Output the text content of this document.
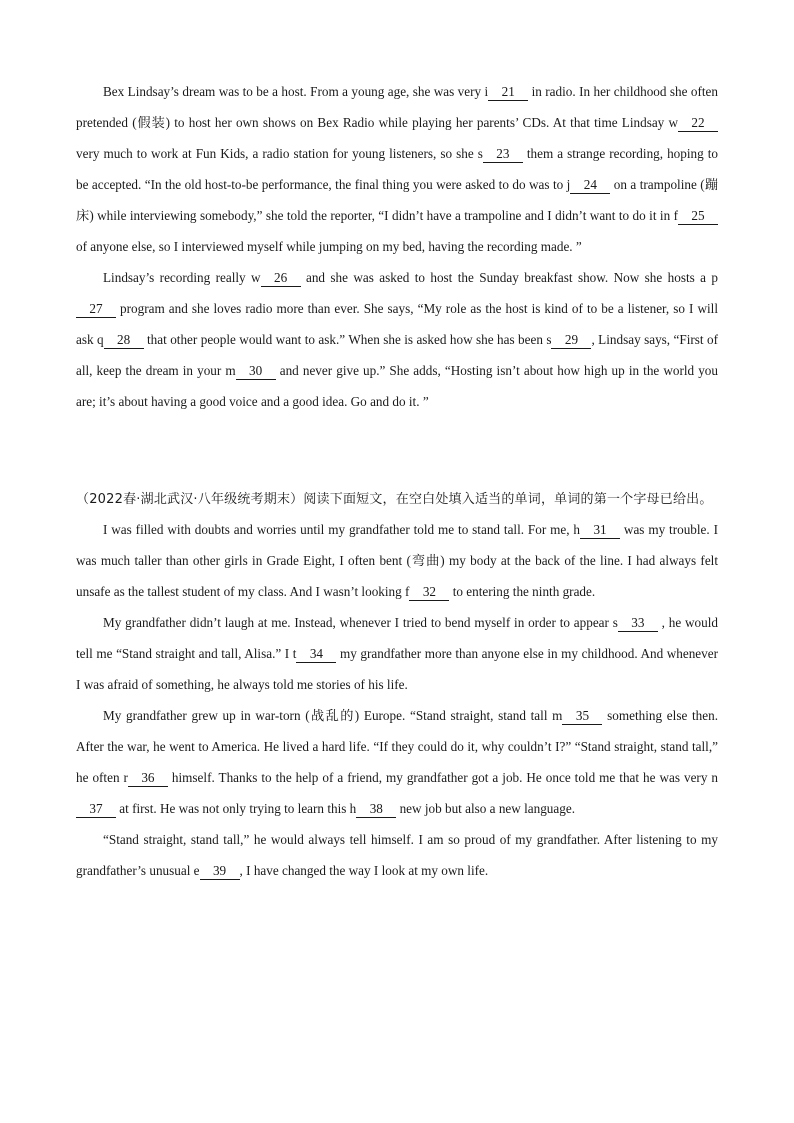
Bex Lindsay’s dream was to be a host. From a young age, she was very i 21 in radio. In her childhood she often pretended (假装) to host her own shows on Bex Radio while playing her parents’ CDs. At that time Lindsay w 22 very much to work at Fun Kids, a radio station for young listeners, so she s 23 them a strange recording, hoping to be accepted. “In the old host-to-be performance, the final thing you were asked to do was to j 24 on a trampoline (蹦床) while interviewing somebody,” she told the reporter, “I didn’t have a trampoline and I didn’t want to do it in f 25 of anyone else, so I interviewed myself while jumping on my bed, having the recording made. ”

Lindsay’s recording really w 26 and she was asked to host the Sunday breakfast show. Now she hosts a p27 program and she loves radio more than ever. She says, “My role as the host is kind of to be a listener, so I will ask q 28 that other people would want to ask.” When she is asked how she has been s 29 , Lindsay says, “First of all, keep the dream in your m 30 and never give up.” She adds, “Hosting isn’t about how high up in the world you are; it’s about having a good voice and a good idea. Go and do it. ”

（2022春·湖北武汉·八年级统考期末）阅读下面短文，在空白处填入适当的单词，单词的第一个字母已给出。

I was filled with doubts and worries until my grandfather told me to stand tall. For me, h 31 was my trouble. I was much taller than other girls in Grade Eight, I often bent (弯曲) my body at the back of the line. I had always felt unsafe as the tallest student of my class. And I wasn’t looking f 32 to entering the ninth grade.

My grandfather didn’t laugh at me. Instead, whenever I tried to bend myself in order to appear s 33 , he would tell me “Stand straight and tall, Alisa.” I t 34 my grandfather more than anyone else in my childhood. And whenever I was afraid of something, he always told me stories of his life.

My grandfather grew up in war-torn (战乱的) Europe. “Stand straight, stand tall m 35 something else then. After the war, he went to America. He lived a hard life. “If they could do it, why couldn’t I?” “Stand straight, stand tall,” he often r 36 himself. Thanks to the help of a friend, my grandfather got a job. He once told me that he was very n37 at first. He was not only trying to learn this h 38 new job but also a new language.

“Stand straight, stand tall,” he would always tell himself. I am so proud of my grandfather. After listening to my grandfather’s unusual e 39 , I have changed the way I look at my own life.
